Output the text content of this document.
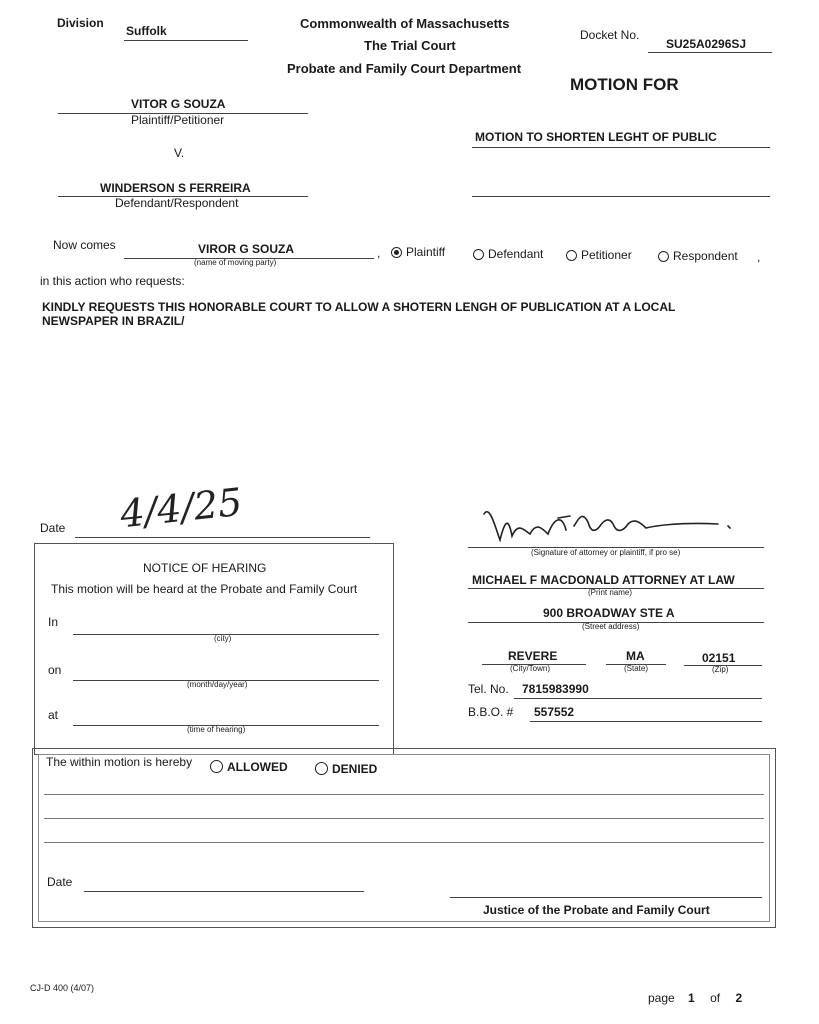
Division
Suffolk	Commonwealth of Massachusetts
The Trial Court
Probate and Family Court Department
Docket No.
SU25A0296SJ
MOTION FOR
VITOR G SOUZA
Plaintiff/Petitioner
V.
WINDERSON S FERREIRA
Defendant/Respondent
MOTION TO SHORTEN LEGHT OF PUBLIC
Now comes	VIROR G SOUZA
(name of moving party)
,	Plaintiff	Defendant	Petitioner	Respondent ,
in this action who requests:
KINDLY REQUESTS THIS HONORABLE COURT TO ALLOW A SHOTERN LENGH OF PUBLICATION AT A LOCAL
NEWSPAPER IN BRAZIL/
Date 4/4/25
(Signature of attorney or plaintiff, if pro se)
MICHAEL F MACDONALD ATTORNEY AT LAW
(Print name)
900 BROADWAY STE A
(Street address)
REVERE
(City/Town)
MA
(State)
02151
(Zip)
Tel. No. 7815983990
B.B.O. # 557552
NOTICE OF HEARING
This motion will be heard at the Probate and Family Court
In
(city)
on
(month/day/year)
at
(time of hearing)
The within motion is hereby	ALLOWED	DENIED
Date
Justice of the Probate and Family Court
CJ-D 400 (4/07)
page 1 of 2
